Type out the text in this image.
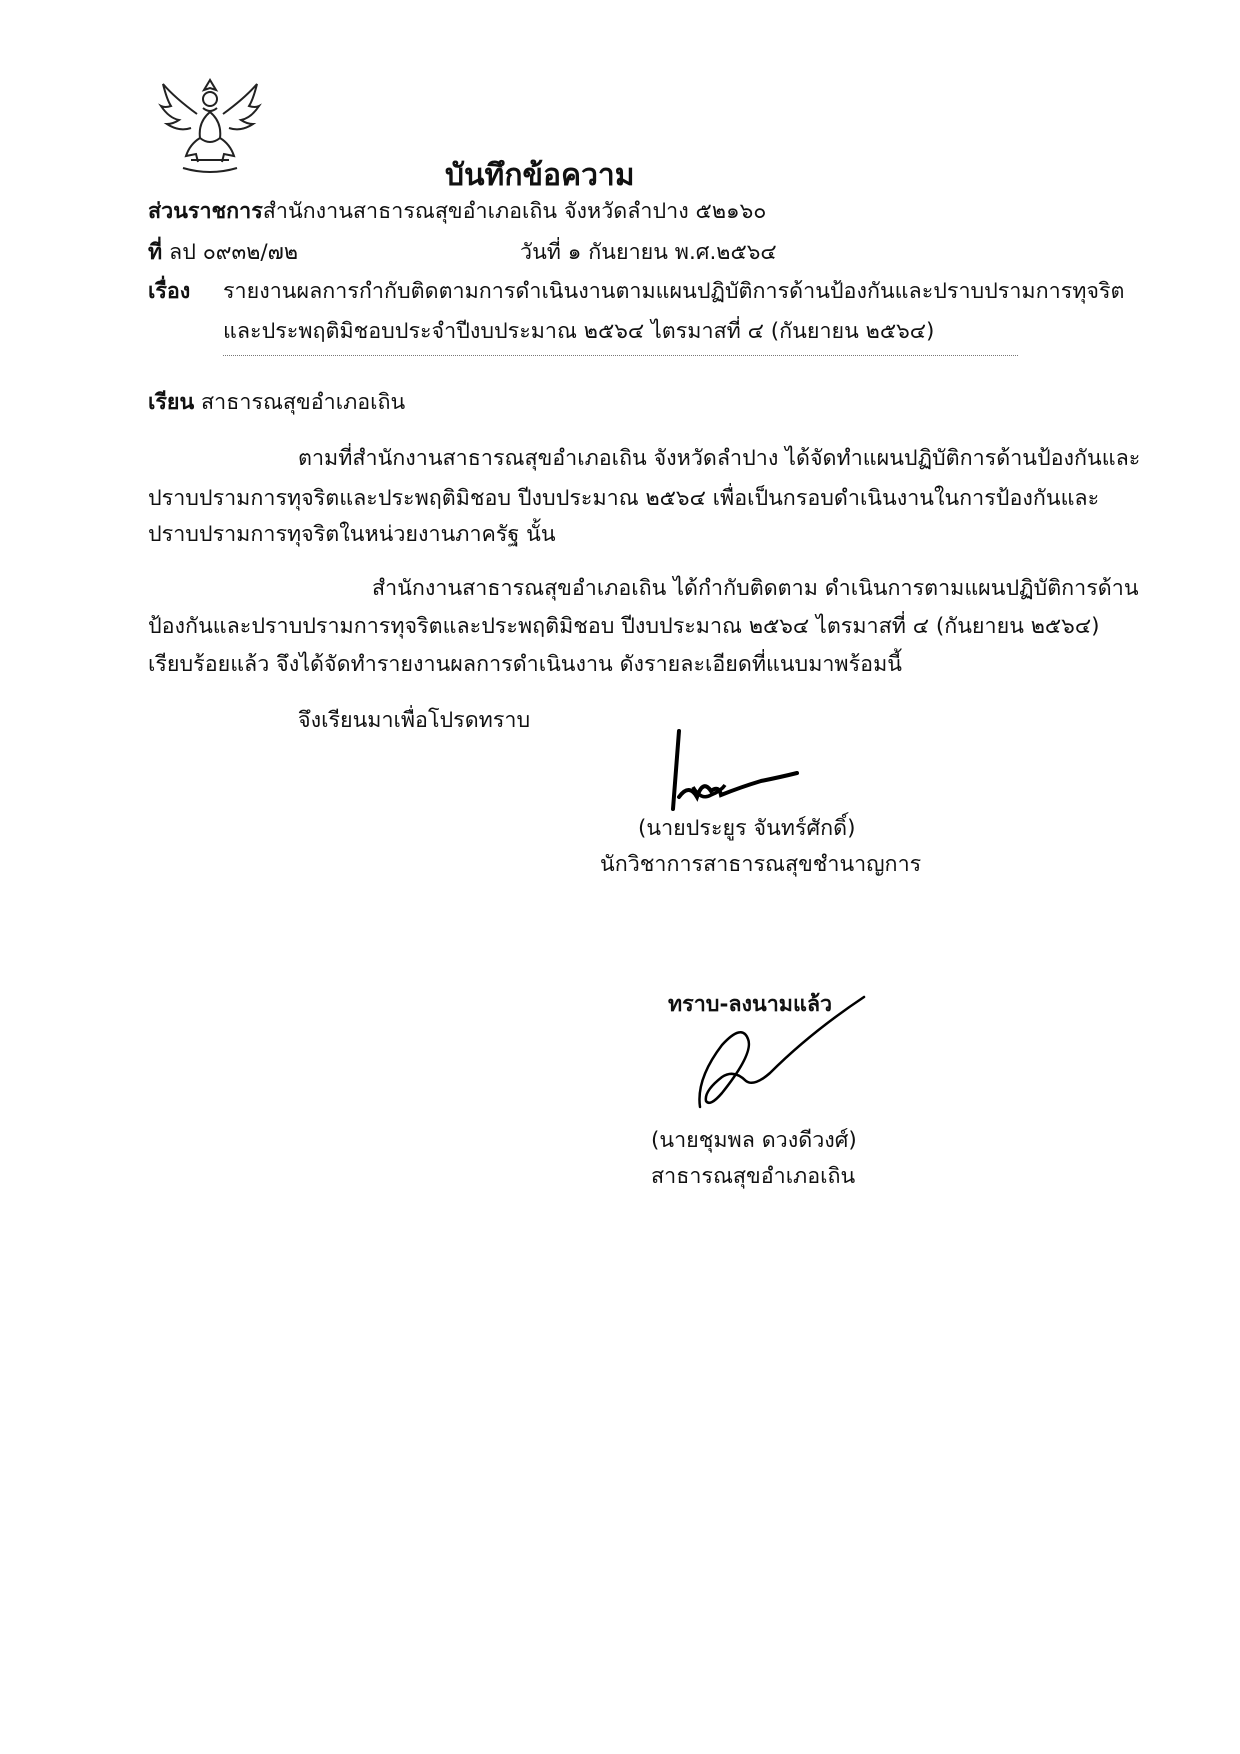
บันทึกข้อความ
ส่วนราชการสำนักงานสาธารณสุขอำเภอเถิน จังหวัดลำปาง ๕๒๑๖๐
ที่ ลป ๐๙๓๒/๗๒	วันที่ ๑ กันยายน พ.ศ.๒๕๖๔
เรื่อง รายงานผลการกำกับติดตามการดำเนินงานตามแผนปฏิบัติการด้านป้องกันและปราบปรามการทุจริต
และประพฤติมิชอบประจำปีงบประมาณ ๒๕๖๔ ไตรมาสที่ ๔ (กันยายน ๒๕๖๔)
เรียน สาธารณสุขอำเภอเถิน
ตามที่สำนักงานสาธารณสุขอำเภอเถิน จังหวัดลำปาง ได้จัดทำแผนปฏิบัติการด้านป้องกันและ
ปราบปรามการทุจริตและประพฤติมิชอบ ปีงบประมาณ ๒๕๖๔ เพื่อเป็นกรอบดำเนินงานในการป้องกันและ
ปราบปรามการทุจริตในหน่วยงานภาครัฐ นั้น
สำนักงานสาธารณสุขอำเภอเถิน ได้กำกับติดตาม ดำเนินการตามแผนปฏิบัติการด้าน
ป้องกันและปราบปรามการทุจริตและประพฤติมิชอบ ปีงบประมาณ ๒๕๖๔ ไตรมาสที่ ๔ (กันยายน ๒๕๖๔)
เรียบร้อยแล้ว จึงได้จัดทำรายงานผลการดำเนินงาน ดังรายละเอียดที่แนบมาพร้อมนี้
จึงเรียนมาเพื่อโปรดทราบ
(นายประยูร จันทร์ศักดิ์)
นักวิชาการสาธารณสุขชำนาญการ
ทราบ-ลงนามแล้ว
(นายชุมพล ดวงดีวงศ์)
สาธารณสุขอำเภอเถิน
